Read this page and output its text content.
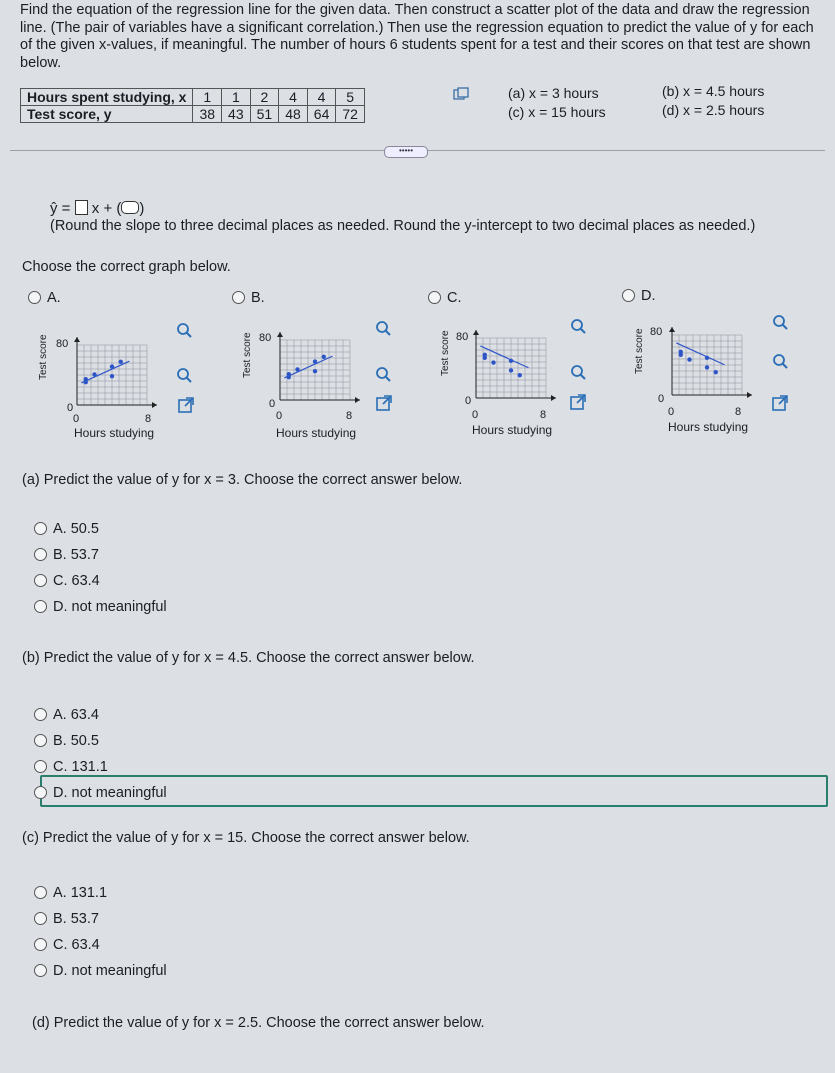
Find the equation of the regression line for the given data. Then construct a scatter plot of the data and draw the regression line. (The pair of variables have a significant correlation.) Then use the regression equation to predict the value of y for each of the given x-values, if meaningful. The number of hours 6 students spent for a test and their scores on that test are shown below.
Hours spent studying, x	1	1	2	4	4	5
Test score, y	38	43	51	48	64	72
(a) x = 3 hours
(c) x = 15 hours
(b) x = 4.5 hours
(d) x = 2.5 hours
•••••
ŷ = x + ( )
(Round the slope to three decimal places as needed. Round the y-intercept to two decimal places as needed.)
Choose the correct graph below.
A.	B.	C.	D.
Test score 80
0
0	8
Hours studying
Test score 80
0
0	8
Hours studying
Test score 80
0
0	8
Hours studying
Test score 80
0
0	8
Hours studying
(a) Predict the value of y for x = 3. Choose the correct answer below.
A. 50.5
B. 53.7
C. 63.4
D. not meaningful
(b) Predict the value of y for x = 4.5. Choose the correct answer below.
A. 63.4
B. 50.5
C. 131.1
D. not meaningful
(c) Predict the value of y for x = 15. Choose the correct answer below.
A. 131.1
B. 53.7
C. 63.4
D. not meaningful
(d) Predict the value of y for x = 2.5. Choose the correct answer below.
